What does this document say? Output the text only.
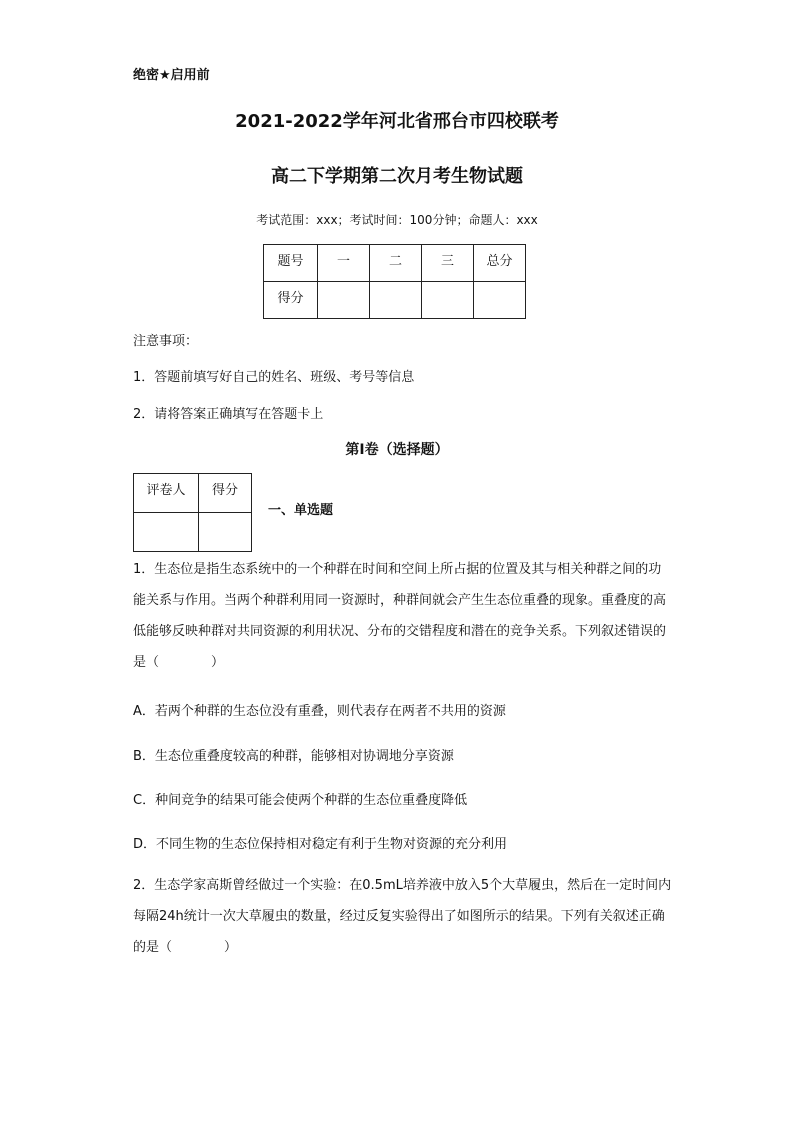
绝密★启用前
2021-2022学年河北省邢台市四校联考
高二下学期第二次月考生物试题
考试范围：xxx；考试时间：100分钟；命题人：xxx
题号	一	二	三	总分
得分				
注意事项：
1．答题前填写好自己的姓名、班级、考号等信息
2．请将答案正确填写在答题卡上
第I卷（选择题）
评卷人	得分

一、单选题
1．生态位是指生态系统中的一个种群在时间和空间上所占据的位置及其与相关种群之间的功能关系与作用。当两个种群利用同一资源时，种群间就会产生生态位重叠的现象。重叠度的高低能够反映种群对共同资源的利用状况、分布的交错程度和潜在的竞争关系。下列叙述错误的是（　　　　）
A．若两个种群的生态位没有重叠，则代表存在两者不共用的资源
B．生态位重叠度较高的种群，能够相对协调地分享资源
C．种间竞争的结果可能会使两个种群的生态位重叠度降低
D．不同生物的生态位保持相对稳定有利于生物对资源的充分利用
2．生态学家高斯曾经做过一个实验：在0.5mL培养液中放入5个大草履虫，然后在一定时间内每隔24h统计一次大草履虫的数量，经过反复实验得出了如图所示的结果。下列有关叙述正确的是（　　　　）
